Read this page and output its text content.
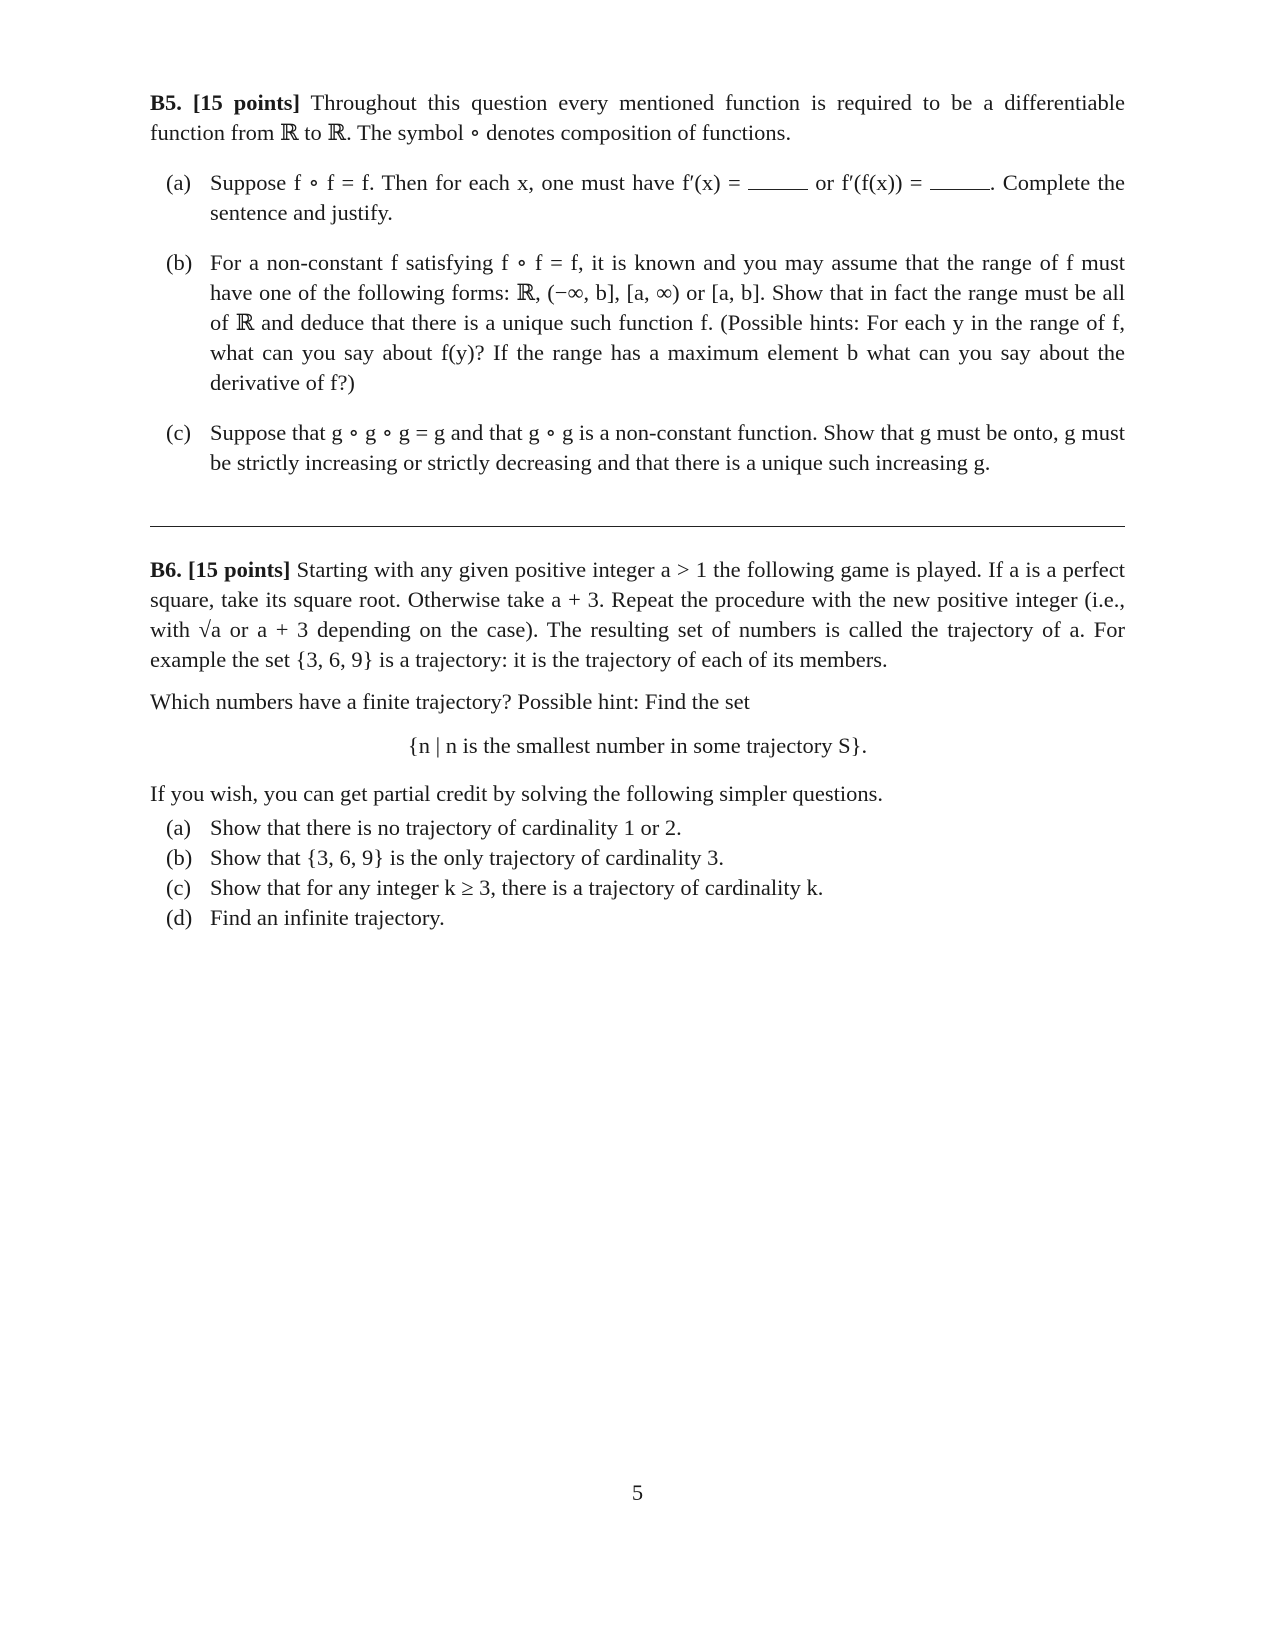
B5. [15 points] Throughout this question every mentioned function is required to be a differentiable function from ℝ to ℝ. The symbol ∘ denotes composition of functions.

(a) Suppose f ∘ f = f. Then for each x, one must have f′(x) =	or f′(f(x)) =	. Complete the sentence and justify.
(b) For a non-constant f satisfying f ∘ f = f, it is known and you may assume that the range of f must have one of the following forms: ℝ, (−∞, b], [a, ∞) or [a, b]. Show that in fact the range must be all of ℝ and deduce that there is a unique such function f. (Possible hints: For each y in the range of f, what can you say about f(y)? If the range has a maximum element b what can you say about the derivative of f?)
(c) Suppose that g ∘ g ∘ g = g and that g ∘ g is a non-constant function. Show that g must be onto, g must be strictly increasing or strictly decreasing and that there is a unique such increasing g.

B6. [15 points] Starting with any given positive integer a > 1 the following game is played. If a is a perfect square, take its square root. Otherwise take a + 3. Repeat the procedure with the new positive integer (i.e., with √a or a + 3 depending on the case). The resulting set of numbers is called the trajectory of a. For example the set {3, 6, 9} is a trajectory: it is the trajectory of each of its members.

Which numbers have a finite trajectory? Possible hint: Find the set

{n | n is the smallest number in some trajectory S}.

If you wish, you can get partial credit by solving the following simpler questions.

(a) Show that there is no trajectory of cardinality 1 or 2.
(b) Show that {3, 6, 9} is the only trajectory of cardinality 3.
(c) Show that for any integer k ≥ 3, there is a trajectory of cardinality k.
(d) Find an infinite trajectory.
5
